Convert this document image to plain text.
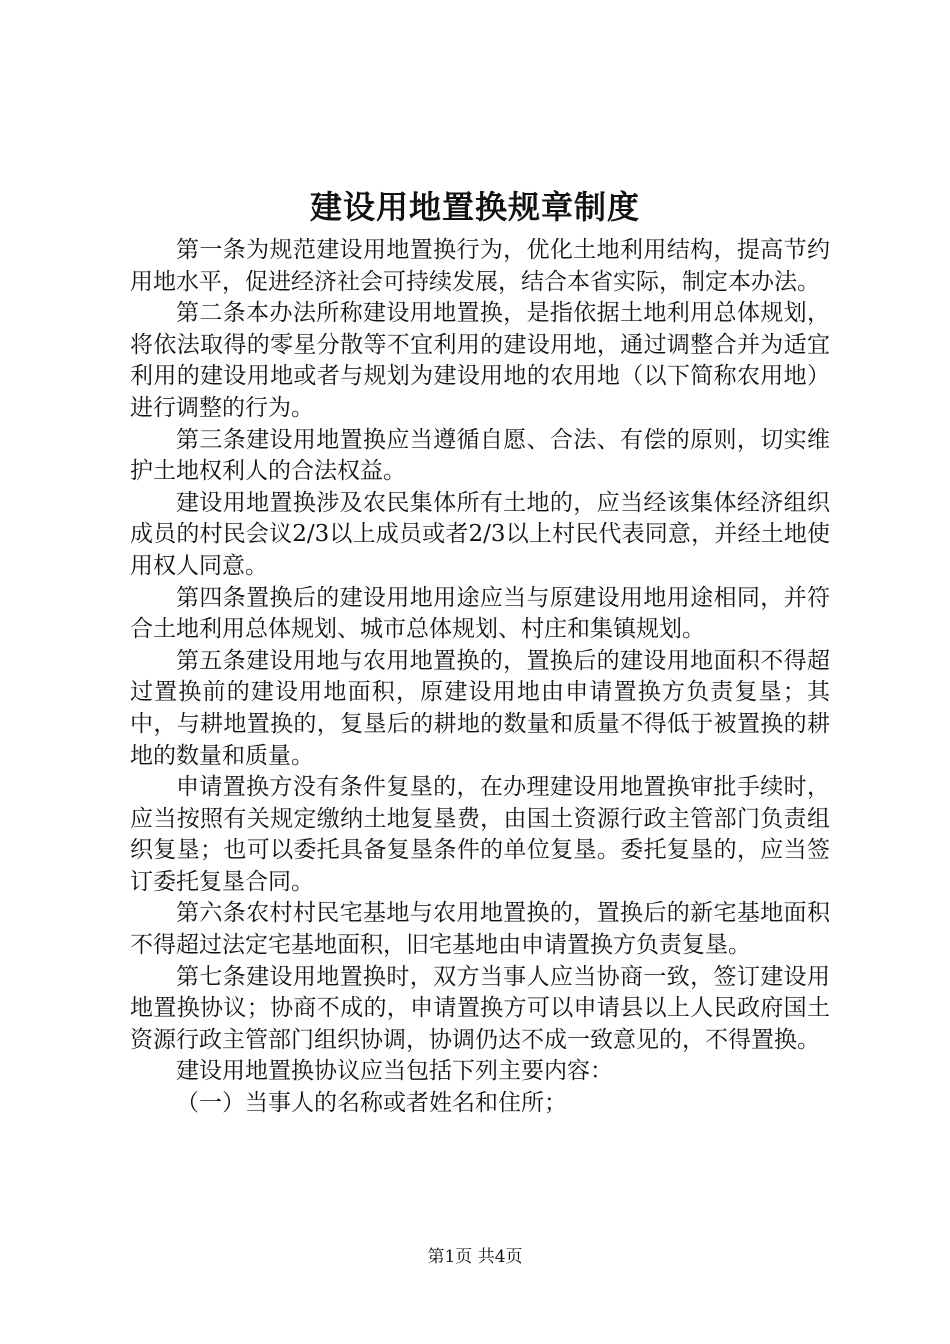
建设用地置换规章制度

第一条为规范建设用地置换行为，优化土地利用结构，提高节约用地水平，促进经济社会可持续发展，结合本省实际，制定本办法。

第二条本办法所称建设用地置换，是指依据土地利用总体规划，将依法取得的零星分散等不宜利用的建设用地，通过调整合并为适宜利用的建设用地或者与规划为建设用地的农用地（以下简称农用地）进行调整的行为。

第三条建设用地置换应当遵循自愿、合法、有偿的原则，切实维护土地权利人的合法权益。

建设用地置换涉及农民集体所有土地的，应当经该集体经济组织成员的村民会议2/3以上成员或者2/3以上村民代表同意，并经土地使用权人同意。

第四条置换后的建设用地用途应当与原建设用地用途相同，并符合土地利用总体规划、城市总体规划、村庄和集镇规划。

第五条建设用地与农用地置换的，置换后的建设用地面积不得超过置换前的建设用地面积，原建设用地由申请置换方负责复垦；其中，与耕地置换的，复垦后的耕地的数量和质量不得低于被置换的耕地的数量和质量。

申请置换方没有条件复垦的，在办理建设用地置换审批手续时，应当按照有关规定缴纳土地复垦费，由国土资源行政主管部门负责组织复垦；也可以委托具备复垦条件的单位复垦。委托复垦的，应当签订委托复垦合同。

第六条农村村民宅基地与农用地置换的，置换后的新宅基地面积不得超过法定宅基地面积，旧宅基地由申请置换方负责复垦。

第七条建设用地置换时，双方当事人应当协商一致，签订建设用地置换协议；协商不成的，申请置换方可以申请县以上人民政府国土资源行政主管部门组织协调，协调仍达不成一致意见的，不得置换。

建设用地置换协议应当包括下列主要内容：

（一）当事人的名称或者姓名和住所；

第1页 共4页
